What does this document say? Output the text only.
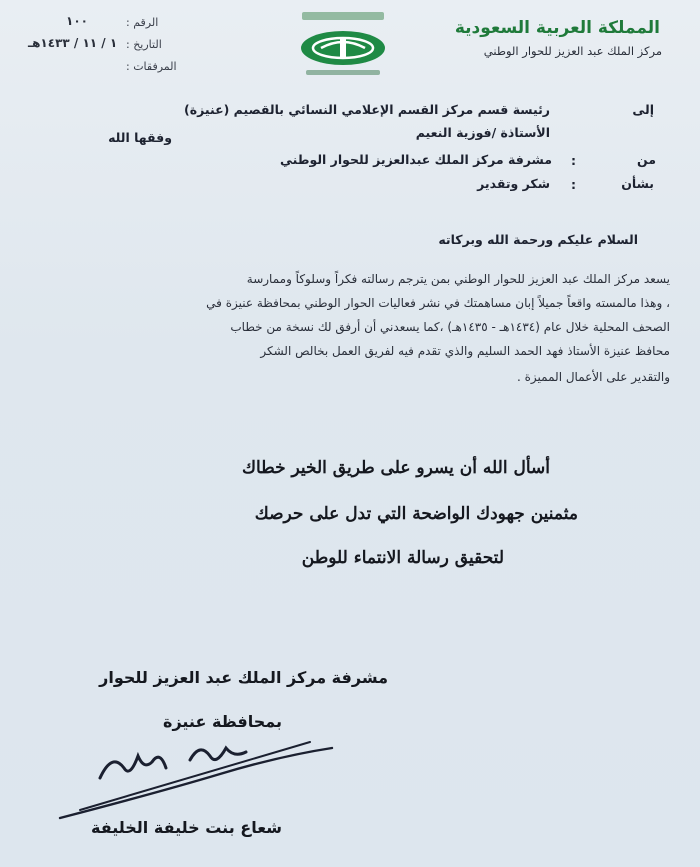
المملكة العربية السعودية
مركز الملك عبد العزيز للحوار الوطني
الرقم :
١٠٠
التاريخ :
١ / ١١ / ١٤٣٣هـ
المرفقات :
إلى
رئيسة قسم مركز القسم الإعلامي النسائي بالقصيم (عنيزة)
الأستاذة /فوزية النعيم
وفقها الله
من
:
مشرفة مركز الملك عبدالعزيز للحوار الوطني
بشأن
:
شكر وتقدير
السلام عليكم ورحمة الله وبركاته
يسعد مركز الملك عبد العزيز للحوار الوطني بمن يترجم رسالته فكراً وسلوكاً وممارسة
، وهذا مالمسته واقعاً جميلاً إبان مساهمتك في نشر فعاليات الحوار الوطني بمحافظة عنيزة في
الصحف المحلية خلال عام (١٤٣٤هـ - ١٤٣٥هـ) ،كما يسعدني أن أرفق لك نسخة من خطاب
محافظ عنيزة الأستاذ فهد الحمد السليم والذي تقدم فيه لفريق العمل بخالص الشكر
والتقدير على الأعمال المميزة .
أسأل الله أن يسرو على طريق الخير خطاك
مثمنين جهودك الواضحة التي تدل على حرصك
لتحقيق رسالة الانتماء للوطن
مشرفة مركز الملك عبد العزيز للحوار
بمحافظة عنيزة
شعاع بنت خليفة الخليفة
